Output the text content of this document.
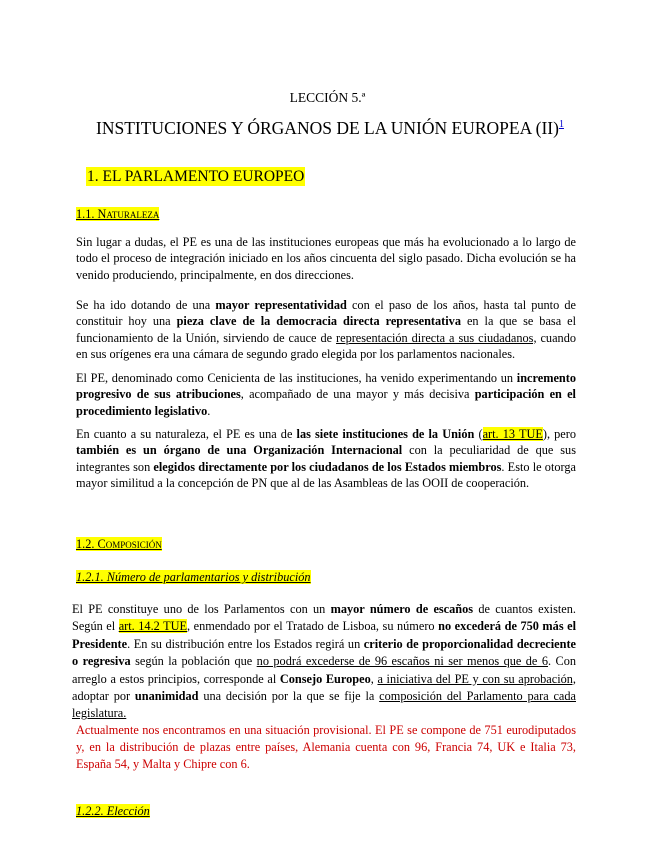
LECCIÓN 5.ª
INSTITUCIONES Y ÓRGANOS DE LA UNIÓN EUROPEA (II)$^1$
1. EL PARLAMENTO EUROPEO
1.1. Naturaleza
Sin lugar a dudas, el PE es una de las instituciones europeas que más ha evolucionado a lo largo de todo el proceso de integración iniciado en los años cincuenta del siglo pasado. Dicha evolución se ha venido produciendo, principalmente, en dos direcciones.
Se ha ido dotando de una mayor representatividad con el paso de los años, hasta tal punto de constituir hoy una pieza clave de la democracia directa representativa en la que se basa el funcionamiento de la Unión, sirviendo de cauce de representación directa a sus ciudadanos, cuando en sus orígenes era una cámara de segundo grado elegida por los parlamentos nacionales.
El PE, denominado como Cenicienta de las instituciones, ha venido experimentando un incremento progresivo de sus atribuciones, acompañado de una mayor y más decisiva participación en el procedimiento legislativo.
En cuanto a su naturaleza, el PE es una de las siete instituciones de la Unión (art. 13 TUE), pero también es un órgano de una Organización Internacional con la peculiaridad de que sus integrantes son elegidos directamente por los ciudadanos de los Estados miembros. Esto le otorga mayor similitud a la concepción de PN que al de las Asambleas de las OOII de cooperación.
1.2. Composición
1.2.1. Número de parlamentarios y distribución
El PE constituye uno de los Parlamentos con un mayor número de escaños de cuantos existen. Según el art. 14.2 TUE, enmendado por el Tratado de Lisboa, su número no excederá de 750 más el Presidente. En su distribución entre los Estados regirá un criterio de proporcionalidad decreciente o regresiva según la población que no podrá excederse de 96 escaños ni ser menos que de 6. Con arreglo a estos principios, corresponde al Consejo Europeo, a iniciativa del PE y con su aprobación, adoptar por unanimidad una decisión por la que se fije la composición del Parlamento para cada legislatura.
Actualmente nos encontramos en una situación provisional. El PE se compone de 751 eurodiputados y, en la distribución de plazas entre países, Alemania cuenta con 96, Francia 74, UK e Italia 73, España 54, y Malta y Chipre con 6.
1.2.2. Elección
